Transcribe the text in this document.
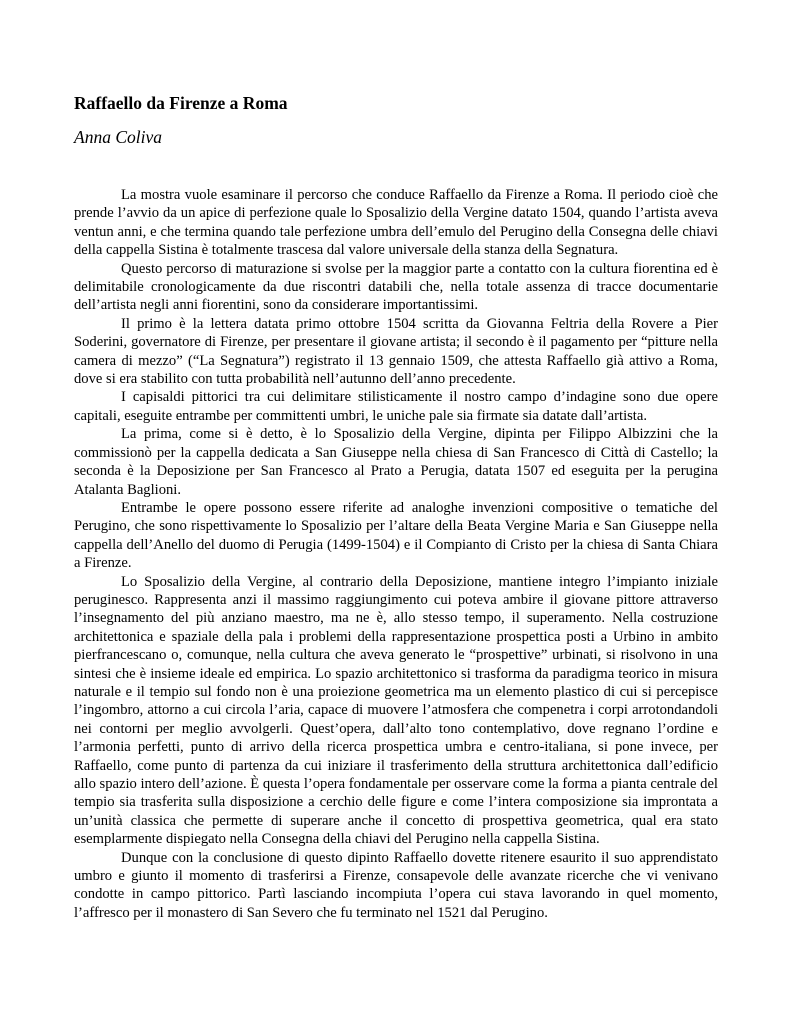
Raffaello da Firenze a Roma
Anna Coliva

La mostra vuole esaminare il percorso che conduce Raffaello da Firenze a Roma. Il periodo cioè che prende l’avvio da un apice di perfezione quale lo Sposalizio della Vergine datato 1504, quando l’artista aveva ventun anni, e che termina quando tale perfezione umbra dell’emulo del Perugino della Consegna delle chiavi della cappella Sistina è totalmente trascesa dal valore universale della stanza della Segnatura.

Questo percorso di maturazione si svolse per la maggior parte a contatto con la cultura fiorentina ed è delimitabile cronologicamente da due riscontri databili che, nella totale assenza di tracce documentarie dell’artista negli anni fiorentini, sono da considerare importantissimi.

Il primo è la lettera datata primo ottobre 1504 scritta da Giovanna Feltria della Rovere a Pier Soderini, governatore di Firenze, per presentare il giovane artista; il secondo è il pagamento per “pitture nella camera di mezzo” (“La Segnatura”) registrato il 13 gennaio 1509, che attesta Raffaello già attivo a Roma, dove si era stabilito con tutta probabilità nell’autunno dell’anno precedente.

I capisaldi pittorici tra cui delimitare stilisticamente il nostro campo d’indagine sono due opere capitali, eseguite entrambe per committenti umbri, le uniche pale sia firmate sia datate dall’artista.

La prima, come si è detto, è lo Sposalizio della Vergine, dipinta per Filippo Albizzini che la commissionò per la cappella dedicata a San Giuseppe nella chiesa di San Francesco di Città di Castello; la seconda è la Deposizione per San Francesco al Prato a Perugia, datata 1507 ed eseguita per la perugina Atalanta Baglioni.

Entrambe le opere possono essere riferite ad analoghe invenzioni compositive o tematiche del Perugino, che sono rispettivamente lo Sposalizio per l’altare della Beata Vergine Maria e San Giuseppe nella cappella dell’Anello del duomo di Perugia (1499-1504) e il Compianto di Cristo per la chiesa di Santa Chiara a Firenze.

Lo Sposalizio della Vergine, al contrario della Deposizione, mantiene integro l’impianto iniziale peruginesco. Rappresenta anzi il massimo raggiungimento cui poteva ambire il giovane pittore attraverso l’insegnamento del più anziano maestro, ma ne è, allo stesso tempo, il superamento. Nella costruzione architettonica e spaziale della pala i problemi della rappresentazione prospettica posti a Urbino in ambito pierfrancescano o, comunque, nella cultura che aveva generato le “prospettive” urbinati, si risolvono in una sintesi che è insieme ideale ed empirica. Lo spazio architettonico si trasforma da paradigma teorico in misura naturale e il tempio sul fondo non è una proiezione geometrica ma un elemento plastico di cui si percepisce l’ingombro, attorno a cui circola l’aria, capace di muovere l’atmosfera che compenetra i corpi arrotondandoli nei contorni per meglio avvolgerli. Quest’opera, dall’alto tono contemplativo, dove regnano l’ordine e l’armonia perfetti, punto di arrivo della ricerca prospettica umbra e centro-italiana, si pone invece, per Raffaello, come punto di partenza da cui iniziare il trasferimento della struttura architettonica dall’edificio allo spazio intero dell’azione. È questa l’opera fondamentale per osservare come la forma a pianta centrale del tempio sia trasferita sulla disposizione a cerchio delle figure e come l’intera composizione sia improntata a un’unità classica che permette di superare anche il concetto di prospettiva geometrica, qual era stato esemplarmente dispiegato nella Consegna della chiavi del Perugino nella cappella Sistina.

Dunque con la conclusione di questo dipinto Raffaello dovette ritenere esaurito il suo apprendistato umbro e giunto il momento di trasferirsi a Firenze, consapevole delle avanzate ricerche che vi venivano condotte in campo pittorico. Partì lasciando incompiuta l’opera cui stava lavorando in quel momento, l’affresco per il monastero di San Severo che fu terminato nel 1521 dal Perugino.
